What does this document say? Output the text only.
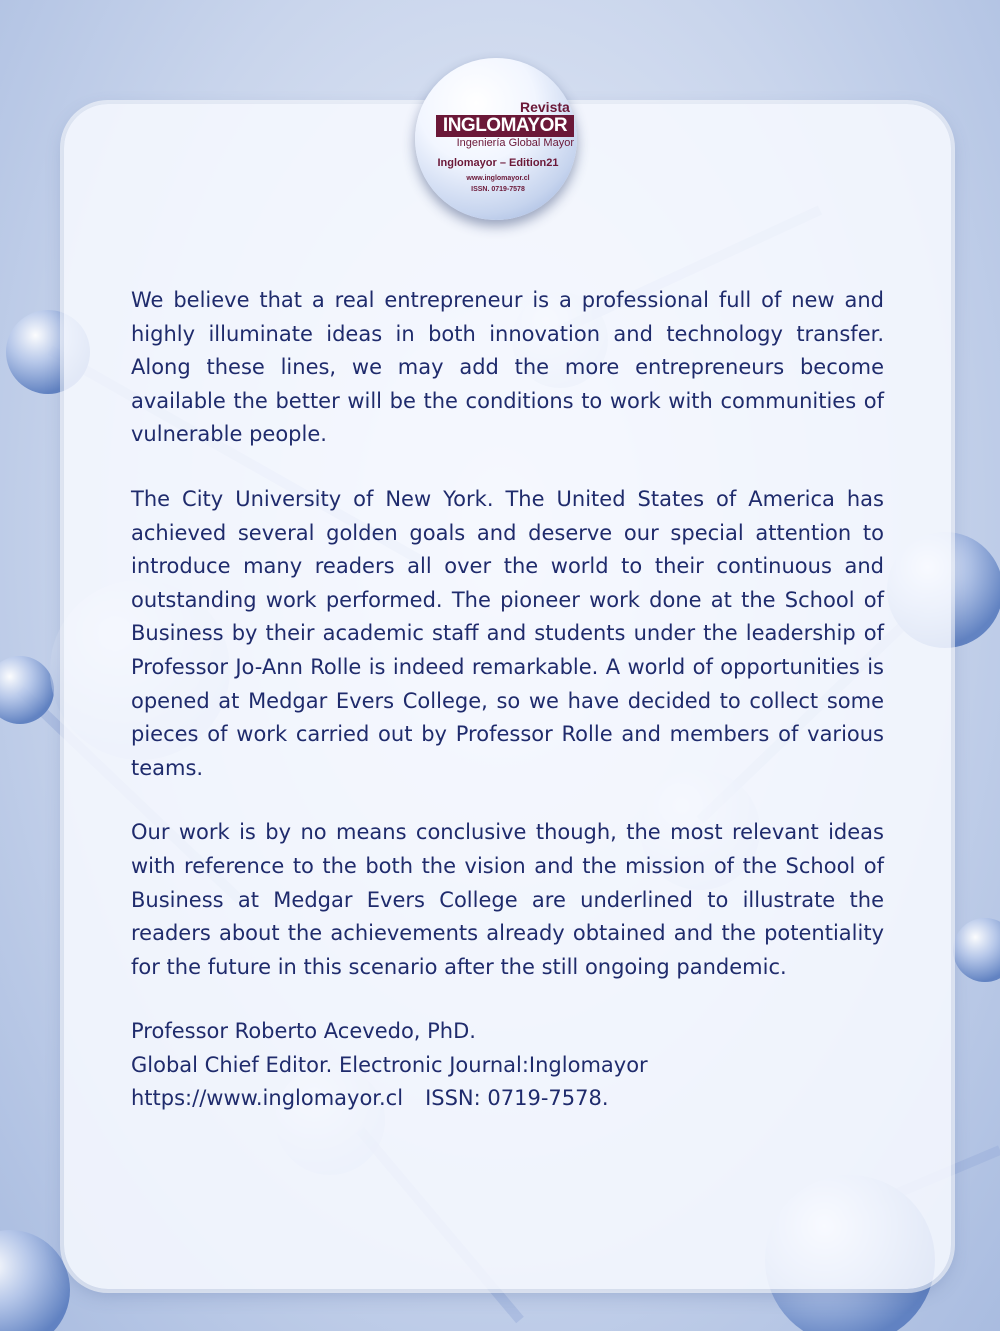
Revista
INGLOMAYOR
Ingeniería Global Mayor
Inglomayor – Edition21
www.inglomayor.cl
ISSN. 0719-7578

We believe that a real entrepreneur is a professional full of new and highly illuminate ideas in both innovation and technology transfer. Along these lines, we may add the more entrepreneurs become available the better will be the conditions to work with communities of vulnerable people.

The City University of New York. The United States of America has achieved several golden goals and deserve our special attention to introduce many readers all over the world to their continuous and outstanding work performed. The pioneer work done at the School of Business by their academic staff and students under the leadership of Professor Jo-Ann Rolle is indeed remarkable. A world of opportunities is opened at Medgar Evers College, so we have decided to collect some pieces of work carried out by Professor Rolle and members of various teams.

Our work is by no means conclusive though, the most relevant ideas with reference to the both the vision and the mission of the School of Business at Medgar Evers College are underlined to illustrate the readers about the achievements already obtained and the potentiality for the future in this scenario after the still ongoing pandemic.

Professor Roberto Acevedo, PhD.
Global Chief Editor. Electronic Journal:Inglomayor
https://www.inglomayor.cl ISSN: 0719-7578.
